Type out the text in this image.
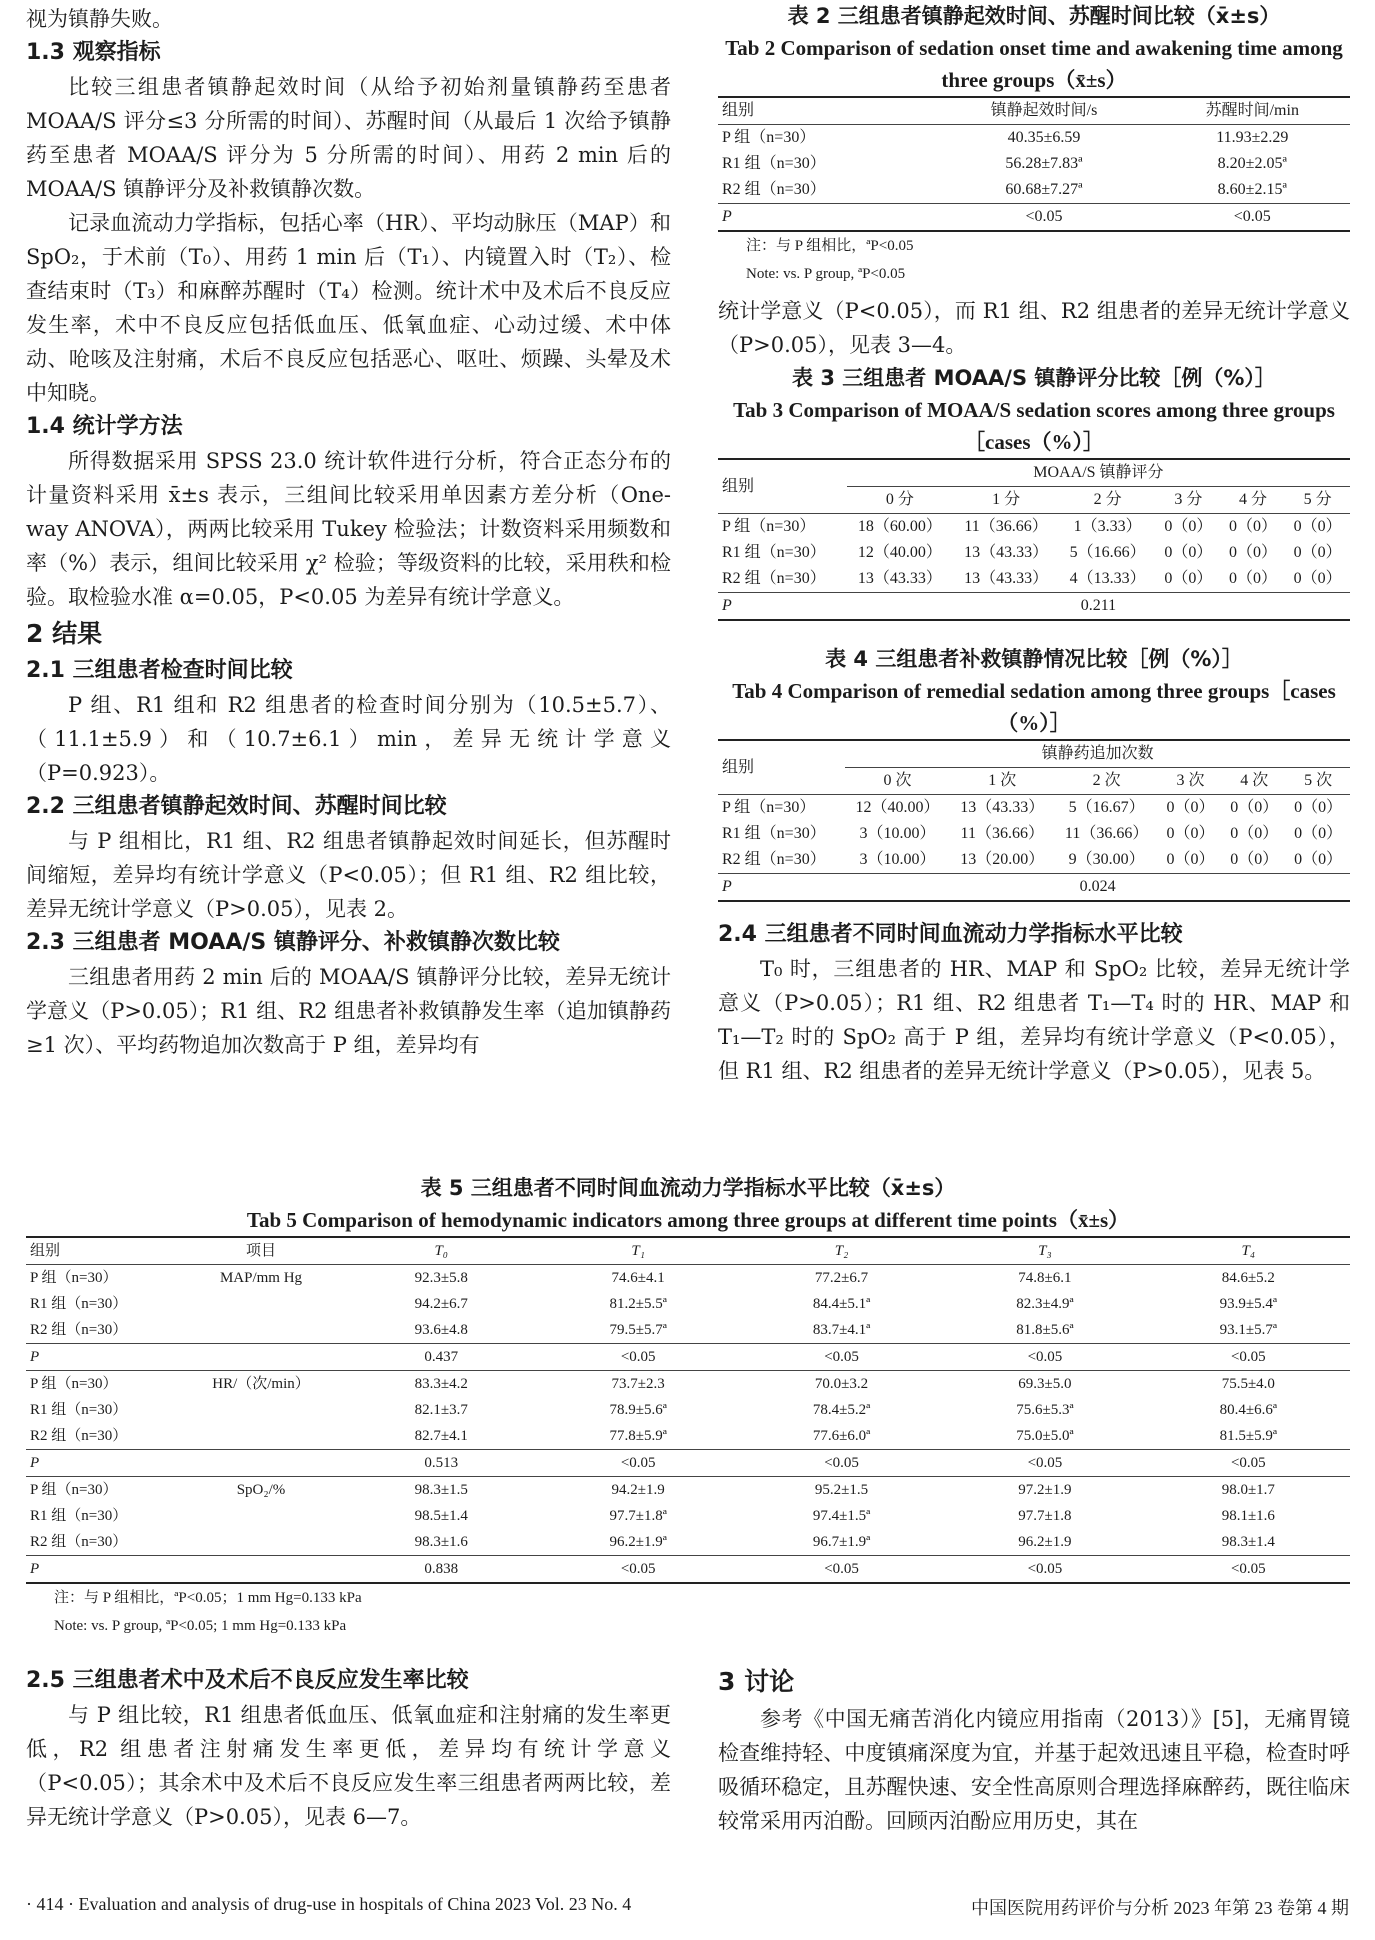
视为镇静失败。

1.3 观察指标

比较三组患者镇静起效时间（从给予初始剂量镇静药至患者 MOAA/S 评分≤3 分所需的时间）、苏醒时间（从最后 1 次给予镇静药至患者 MOAA/S 评分为 5 分所需的时间）、用药 2 min 后的 MOAA/S 镇静评分及补救镇静次数。

记录血流动力学指标，包括心率（HR）、平均动脉压（MAP）和 SpO₂，于术前（T₀）、用药 1 min 后（T₁）、内镜置入时（T₂）、检查结束时（T₃）和麻醉苏醒时（T₄）检测。统计术中及术后不良反应发生率，术中不良反应包括低血压、低氧血症、心动过缓、术中体动、呛咳及注射痛，术后不良反应包括恶心、呕吐、烦躁、头晕及术中知晓。

1.4 统计学方法

所得数据采用 SPSS 23.0 统计软件进行分析，符合正态分布的计量资料采用 x̄±s 表示，三组间比较采用单因素方差分析（One-way ANOVA），两两比较采用 Tukey 检验法；计数资料采用频数和率（%）表示，组间比较采用 χ² 检验；等级资料的比较，采用秩和检验。取检验水准 α=0.05，P<0.05 为差异有统计学意义。

2 结果
2.1 三组患者检查时间比较

P 组、R1 组和 R2 组患者的检查时间分别为（10.5±5.7）、（11.1±5.9）和（10.7±6.1）min，差异无统计学意义（P=0.923）。

2.2 三组患者镇静起效时间、苏醒时间比较

与 P 组相比，R1 组、R2 组患者镇静起效时间延长，但苏醒时间缩短，差异均有统计学意义（P<0.05）；但 R1 组、R2 组比较，差异无统计学意义（P>0.05），见表 2。

2.3 三组患者 MOAA/S 镇静评分、补救镇静次数比较

三组患者用药 2 min 后的 MOAA/S 镇静评分比较，差异无统计学意义（P>0.05）；R1 组、R2 组患者补救镇静发生率（追加镇静药≥1 次）、平均药物追加次数高于 P 组，差异均有

表 2 三组患者镇静起效时间、苏醒时间比较（x̄±s）
Tab 2 Comparison of sedation onset time and awakening time among three groups（x̄±s）
组别	镇静起效时间/s	苏醒时间/min
P 组（n=30）	40.35±6.59	11.93±2.29
R1 组（n=30）	56.28±7.83ª	8.20±2.05ª
R2 组（n=30）	60.68±7.27ª	8.60±2.15ª
P	<0.05	<0.05
注：与 P 组相比，ªP<0.05
Note: vs. P group, ªP<0.05

统计学意义（P<0.05），而 R1 组、R2 组患者的差异无统计学意义（P>0.05），见表 3—4。

表 3 三组患者 MOAA/S 镇静评分比较［例（%）］
Tab 3 Comparison of MOAA/S sedation scores among three groups［cases（%）］
组别	MOAA/S 镇静评分					
	0 分	1 分	2 分	3 分	4 分	5 分
P 组（n=30）	18（60.00）	11（36.66）	1（3.33）	0（0）	0（0）	0（0）
R1 组（n=30）	12（40.00）	13（43.33）	5（16.66）	0（0）	0（0）	0（0）
R2 组（n=30）	13（43.33）	13（43.33）	4（13.33）	0（0）	0（0）	0（0）
P	0.211					
表 4 三组患者补救镇静情况比较［例（%）］
Tab 4 Comparison of remedial sedation among three groups［cases（%）］
组别	镇静药追加次数					
	0 次	1 次	2 次	3 次	4 次	5 次
P 组（n=30）	12（40.00）	13（43.33）	5（16.67）	0（0）	0（0）	0（0）
R1 组（n=30）	3（10.00）	11（36.66）	11（36.66）	0（0）	0（0）	0（0）
R2 组（n=30）	3（10.00）	13（20.00）	9（30.00）	0（0）	0（0）	0（0）
P	0.024					
2.4 三组患者不同时间血流动力学指标水平比较

T₀ 时，三组患者的 HR、MAP 和 SpO₂ 比较，差异无统计学意义（P>0.05）；R1 组、R2 组患者 T₁—T₄ 时的 HR、MAP 和 T₁—T₂ 时的 SpO₂ 高于 P 组，差异均有统计学意义（P<0.05），但 R1 组、R2 组患者的差异无统计学意义（P>0.05），见表 5。

表 5 三组患者不同时间血流动力学指标水平比较（x̄±s）
Tab 5 Comparison of hemodynamic indicators among three groups at different time points（x̄±s）
组别	项目	T₀	T₁	T₂	T₃	T₄
P 组（n=30）	MAP/mm Hg	92.3±5.8	74.6±4.1	77.2±6.7	74.8±6.1	84.6±5.2
R1 组（n=30）		94.2±6.7	81.2±5.5ª	84.4±5.1ª	82.3±4.9ª	93.9±5.4ª
R2 组（n=30）		93.6±4.8	79.5±5.7ª	83.7±4.1ª	81.8±5.6ª	93.1±5.7ª
P		0.437	<0.05	<0.05	<0.05	<0.05
P 组（n=30）	HR/（次/min）	83.3±4.2	73.7±2.3	70.0±3.2	69.3±5.0	75.5±4.0
R1 组（n=30）		82.1±3.7	78.9±5.6ª	78.4±5.2ª	75.6±5.3ª	80.4±6.6ª
R2 组（n=30）		82.7±4.1	77.8±5.9ª	77.6±6.0ª	75.0±5.0ª	81.5±5.9ª
P		0.513	<0.05	<0.05	<0.05	<0.05
P 组（n=30）	SpO₂/%	98.3±1.5	94.2±1.9	95.2±1.5	97.2±1.9	98.0±1.7
R1 组（n=30）		98.5±1.4	97.7±1.8ª	97.4±1.5ª	97.7±1.8	98.1±1.6
R2 组（n=30）		98.3±1.6	96.2±1.9ª	96.7±1.9ª	96.2±1.9	98.3±1.4
P		0.838	<0.05	<0.05	<0.05	<0.05
注：与 P 组相比，ªP<0.05；1 mm Hg=0.133 kPa
Note: vs. P group, ªP<0.05; 1 mm Hg=0.133 kPa
2.5 三组患者术中及术后不良反应发生率比较

与 P 组比较，R1 组患者低血压、低氧血症和注射痛的发生率更低，R2 组患者注射痛发生率更低，差异均有统计学意义（P<0.05）；其余术中及术后不良反应发生率三组患者两两比较，差异无统计学意义（P>0.05），见表 6—7。

3 讨论

参考《中国无痛苦消化内镜应用指南（2013）》[5]，无痛胃镜检查维持轻、中度镇痛深度为宜，并基于起效迅速且平稳，检查时呼吸循环稳定，且苏醒快速、安全性高原则合理选择麻醉药，既往临床较常采用丙泊酚。回顾丙泊酚应用历史，其在

· 414 · Evaluation and analysis of drug-use in hospitals of China 2023 Vol. 23 No. 4	中国医院用药评价与分析 2023 年第 23 卷第 4 期
